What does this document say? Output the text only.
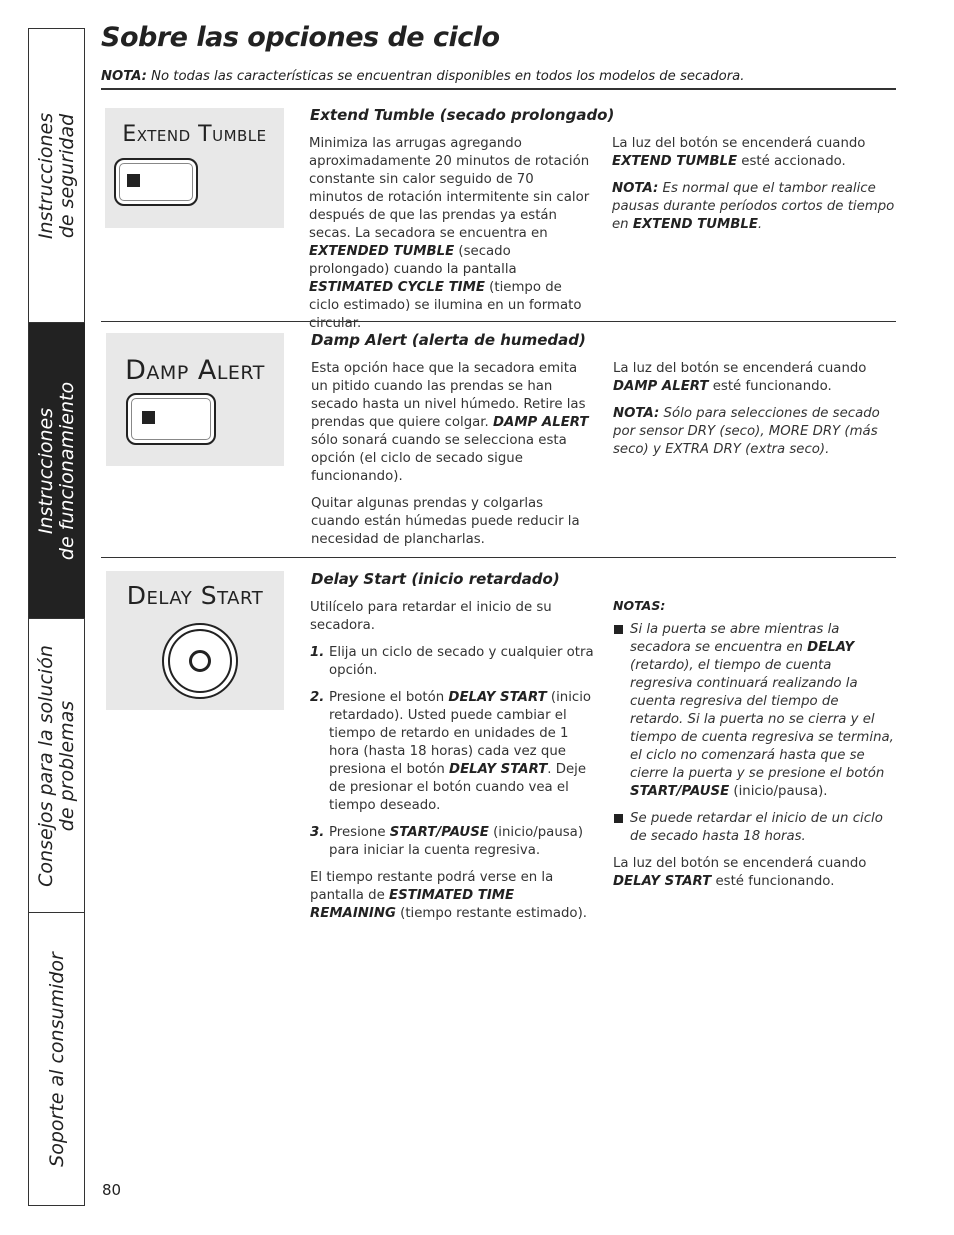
Instrucciones de seguridad
Instrucciones de funcionamiento
Consejos para la solución de problemas
Soporte al consumidor
Sobre las opciones de ciclo
NOTA: No todas las características se encuentran disponibles en todos los modelos de secadora.
Extend Tumble
Extend Tumble (secado prolongado)

Minimiza las arrugas agregando aproximadamente 20 minutos de rotación constante sin calor seguido de 70 minutos de rotación intermitente sin calor después de que las prendas ya están secas. La secadora se encuentra en EXTENDED TUMBLE (secado prolongado) cuando la pantalla ESTIMATED CYCLE TIME (tiempo de ciclo estimado) se ilumina en un formato circular.

La luz del botón se encenderá cuando EXTEND TUMBLE esté accionado.

NOTA: Es normal que el tambor realice pausas durante períodos cortos de tiempo en EXTEND TUMBLE.

Damp Alert
Damp Alert (alerta de humedad)

Esta opción hace que la secadora emita un pitido cuando las prendas se han secado hasta un nivel húmedo. Retire las prendas que quiere colgar. DAMP ALERT sólo sonará cuando se selecciona esta opción (el ciclo de secado sigue funcionando).

Quitar algunas prendas y colgarlas cuando están húmedas puede reducir la necesidad de plancharlas.

La luz del botón se encenderá cuando DAMP ALERT esté funcionando.

NOTA: Sólo para selecciones de secado por sensor DRY (seco), MORE DRY (más seco) y EXTRA DRY (extra seco).

Delay Start
Delay Start (inicio retardado)

Utilícelo para retardar el inicio de su secadora.

1. Elija un ciclo de secado y cualquier otra opción.
2. Presione el botón DELAY START (inicio retardado). Usted puede cambiar el tiempo de retardo en unidades de 1 hora (hasta 18 horas) cada vez que presiona el botón DELAY START. Deje de presionar el botón cuando vea el tiempo deseado.
3. Presione START/PAUSE (inicio/pausa) para iniciar la cuenta regresiva.

El tiempo restante podrá verse en la pantalla de ESTIMATED TIME REMAINING (tiempo restante estimado).

NOTAS:
Si la puerta se abre mientras la secadora se encuentra en DELAY (retardo), el tiempo de cuenta regresiva continuará realizando la cuenta regresiva del tiempo de retardo. Si la puerta no se cierra y el tiempo de cuenta regresiva se termina, el ciclo no comenzará hasta que se cierre la puerta y se presione el botón START/PAUSE (inicio/pausa).
Se puede retardar el inicio de un ciclo de secado hasta 18 horas.

La luz del botón se encenderá cuando DELAY START esté funcionando.

80
